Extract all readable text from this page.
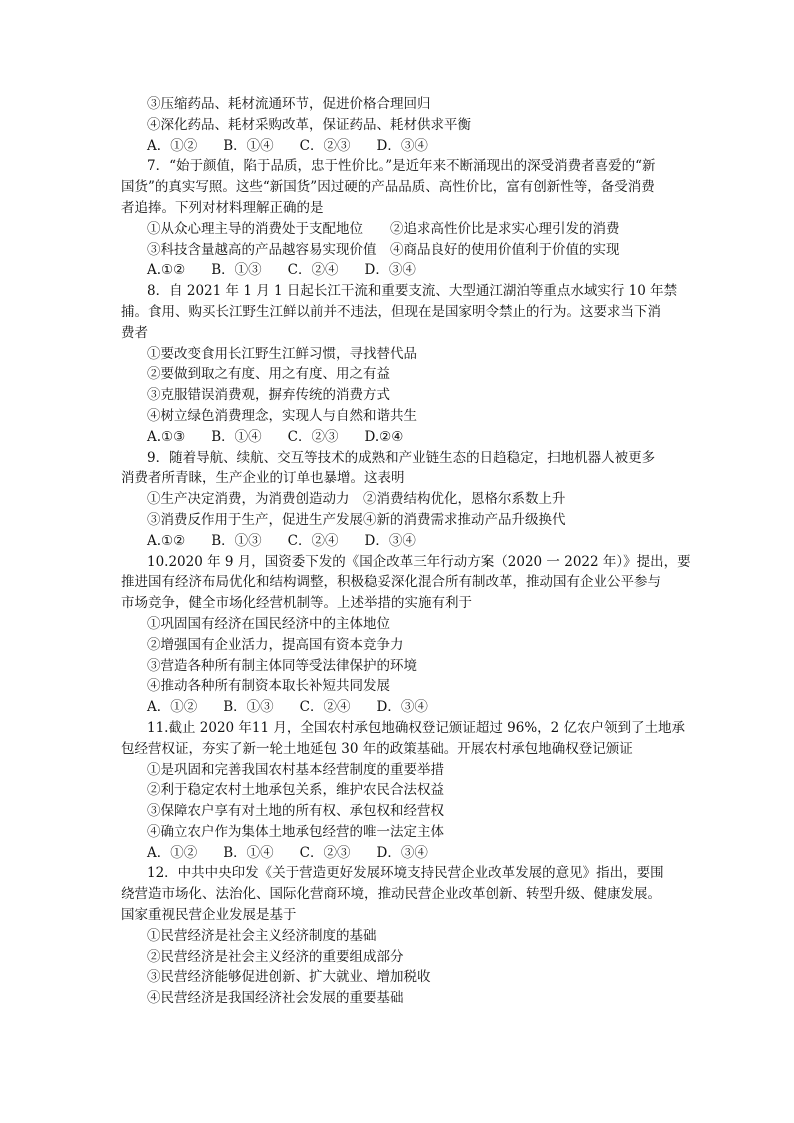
③压缩药品、耗材流通环节，促进价格合理回归
④深化药品、耗材采购改革，保证药品、耗材供求平衡
A．①② B．①④ C．②③ D．③④
7．“始于颜值，陷于品质，忠于性价比。”是近年来不断涌现出的深受消费者喜爱的“新
国货”的真实写照。这些“新国货”因过硬的产品品质、高性价比，富有创新性等，备受消费
者追捧。下列对材料理解正确的是
①从众心理主导的消费处于支配地位　　②追求高性价比是求实心理引发的消费
③科技含量越高的产品越容易实现价值　④商品良好的使用价值利于价值的实现
A.①② B．①③ C．②④ D．③④
8．自 2021 年 1 月 1 日起长江干流和重要支流、大型通江湖泊等重点水域实行 10 年禁
捕。食用、购买长江野生江鲜以前并不违法，但现在是国家明令禁止的行为。这要求当下消
费者
①要改变食用长江野生江鲜习惯，寻找替代品
②要做到取之有度、用之有度、用之有益
③克服错误消费观，摒弃传统的消费方式
④树立绿色消费理念，实现人与自然和谐共生
A.①③ B．①④ C．②③ D.②④
9．随着导航、续航、交互等技术的成熟和产业链生态的日趋稳定，扫地机器人被更多
消费者所青睐，生产企业的订单也暴增。这表明
①生产决定消费，为消费创造动力　②消费结构优化，恩格尔系数上升
③消费反作用于生产，促进生产发展④新的消费需求推动产品升级换代
A.①② B．①③ C．②④ D．③④
10.2020 年 9 月，国资委下发的《国企改革三年行动方案（2020 一 2022 年）》提出，要
推进国有经济布局优化和结构调整，积极稳妥深化混合所有制改革，推动国有企业公平参与
市场竞争，健全市场化经营机制等。上述举措的实施有利于
①巩固国有经济在国民经济中的主体地位
②增强国有企业活力，提高国有资本竞争力
③营造各种所有制主体同等受法律保护的环境
④推动各种所有制资本取长补短共同发展
A．①② B．①③ C．②④ D．③④
11.截止 2020 年11 月，全国农村承包地确权登记颁证超过 96%，2 亿农户领到了土地承
包经营权证，夯实了新一轮土地延包 30 年的政策基础。开展农村承包地确权登记颁证
①是巩固和完善我国农村基本经营制度的重要举措
②利于稳定农村土地承包关系，维护农民合法权益
③保障农户享有对土地的所有权、承包权和经营权
④确立农户作为集体土地承包经营的唯一法定主体
A．①② B．①④ C．②③ D．③④
12．中共中央印发《关于营造更好发展环境支持民营企业改革发展的意见》指出，要围
绕营造市场化、法治化、国际化营商环境，推动民营企业改革创新、转型升级、健康发展。
国家重视民营企业发展是基于
①民营经济是社会主义经济制度的基础
②民营经济是社会主义经济的重要组成部分
③民营经济能够促进创新、扩大就业、增加税收
④民营经济是我国经济社会发展的重要基础
